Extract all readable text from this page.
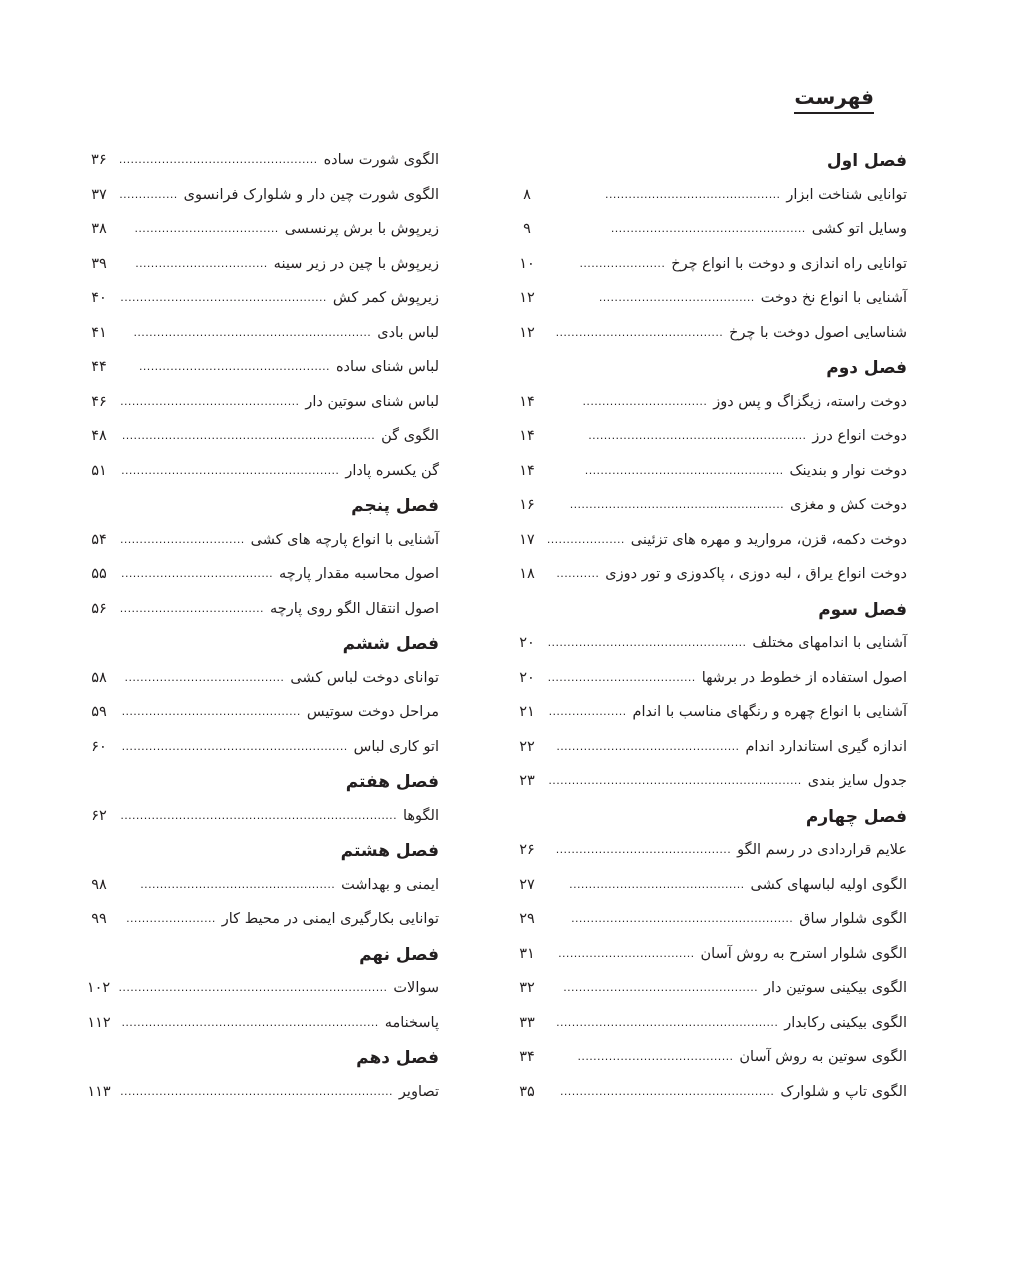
فهرست
فصل اول
توانایی شناخت ابزار
.............................................
۸
وسایل اتو کشی
..................................................
۹
توانایی راه اندازی و دوخت با انواع چرخ
......................
۱۰
آشنایی با انواع نخ دوخت
........................................
۱۲
شناسایی اصول دوخت با چرخ
...........................................
۱۲
فصل دوم
دوخت راسته، زیگزاگ و پس دوز
................................
۱۴
دوخت انواع درز
........................................................
۱۴
دوخت نوار و بندینک
...................................................
۱۴
دوخت کش و مغزی
.......................................................
۱۶
دوخت دکمه، قزن، مروارید و مهره های تزئینی
....................
۱۷
دوخت انواع یراق ، لبه دوزی ، پاکدوزی و تور دوزی
...........
۱۸
فصل سوم
آشنایی با اندامهای مختلف
...................................................
۲۰
اصول استفاده از خطوط در برشها
......................................
۲۰
آشنایی با انواع چهره و رنگهای مناسب با اندام
....................
۲۱
اندازه گیری استاندارد اندام
...............................................
۲۲
جدول سایز بندی
.................................................................
۲۳
فصل چهارم
علایم قراردادی در رسم الگو
.............................................
۲۶
الگوی اولیه لباسهای کشی
.............................................
۲۷
الگوی شلوار ساق
.........................................................
۲۹
الگوی شلوار استرح به روش آسان
...................................
۳۱
الگوی بیکینی سوتین دار
..................................................
۳۲
الگوی بیکینی رکابدار
.........................................................
۳۳
الگوی سوتین به روش آسان
........................................
۳۴
الگوی تاپ و شلوارک
.......................................................
۳۵
الگوی شورت ساده
...................................................
۳۶
الگوی شورت چین دار و شلوارک فرانسوی
...............
۳۷
زیرپوش با برش پرنسسی
.....................................
۳۸
زیرپوش با چین در زیر سینه
..................................
۳۹
زیرپوش کمر کش
.....................................................
۴۰
لباس بادی
.............................................................
۴۱
لباس شنای ساده
.................................................
۴۴
لباس شنای سوتین دار
..............................................
۴۶
الگوی گن
.................................................................
۴۸
گن یکسره پادار
........................................................
۵۱
فصل پنجم
آشنایی با انواع پارچه های کشی
................................
۵۴
اصول محاسبه مقدار پارچه
.......................................
۵۵
اصول انتقال الگو روی پارچه
.....................................
۵۶
فصل ششم
توانای دوخت لباس کشی
.........................................
۵۸
مراحل دوخت سوتیس
..............................................
۵۹
اتو کاری لباس
..........................................................
۶۰
فصل هفتم
الگوها
.......................................................................
۶۲
فصل هشتم
ایمنی و بهداشت
..................................................
۹۸
توانایی بکارگیری ایمنی در محیط کار
.......................
۹۹
فصل نهم
سوالات
.....................................................................
۱۰۲
پاسخنامه
..................................................................
۱۱۲
فصل دهم
تصاویر
......................................................................
۱۱۳
